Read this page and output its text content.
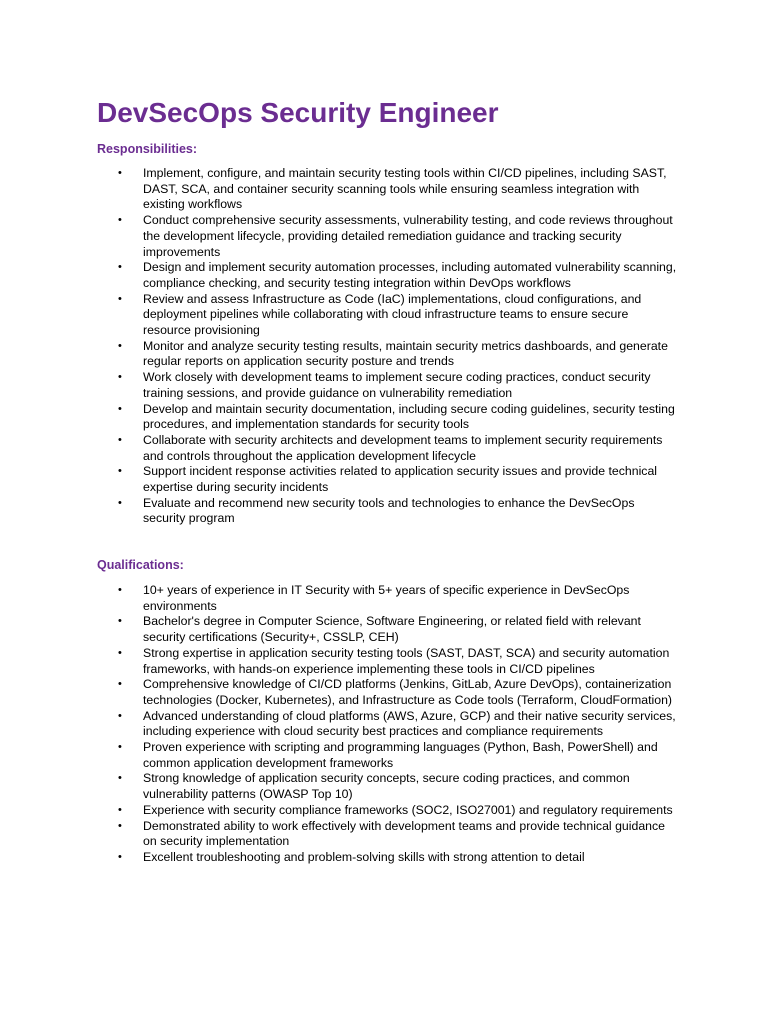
DevSecOps Security Engineer
Responsibilities:
• Implement, configure, and maintain security testing tools within CI/CD pipelines, including SAST, DAST, SCA, and container security scanning tools while ensuring seamless integration with existing workflows
• Conduct comprehensive security assessments, vulnerability testing, and code reviews throughout the development lifecycle, providing detailed remediation guidance and tracking security improvements
• Design and implement security automation processes, including automated vulnerability scanning, compliance checking, and security testing integration within DevOps workflows
• Review and assess Infrastructure as Code (IaC) implementations, cloud configurations, and deployment pipelines while collaborating with cloud infrastructure teams to ensure secure resource provisioning
• Monitor and analyze security testing results, maintain security metrics dashboards, and generate regular reports on application security posture and trends
• Work closely with development teams to implement secure coding practices, conduct security training sessions, and provide guidance on vulnerability remediation
• Develop and maintain security documentation, including secure coding guidelines, security testing procedures, and implementation standards for security tools
• Collaborate with security architects and development teams to implement security requirements and controls throughout the application development lifecycle
• Support incident response activities related to application security issues and provide technical expertise during security incidents
• Evaluate and recommend new security tools and technologies to enhance the DevSecOps security program
Qualifications:
• 10+ years of experience in IT Security with 5+ years of specific experience in DevSecOps environments
• Bachelor's degree in Computer Science, Software Engineering, or related field with relevant security certifications (Security+, CSSLP, CEH)
• Strong expertise in application security testing tools (SAST, DAST, SCA) and security automation frameworks, with hands-on experience implementing these tools in CI/CD pipelines
• Comprehensive knowledge of CI/CD platforms (Jenkins, GitLab, Azure DevOps), containerization technologies (Docker, Kubernetes), and Infrastructure as Code tools (Terraform, CloudFormation)
• Advanced understanding of cloud platforms (AWS, Azure, GCP) and their native security services, including experience with cloud security best practices and compliance requirements
• Proven experience with scripting and programming languages (Python, Bash, PowerShell) and common application development frameworks
• Strong knowledge of application security concepts, secure coding practices, and common vulnerability patterns (OWASP Top 10)
• Experience with security compliance frameworks (SOC2, ISO27001) and regulatory requirements
• Demonstrated ability to work effectively with development teams and provide technical guidance on security implementation
• Excellent troubleshooting and problem-solving skills with strong attention to detail
